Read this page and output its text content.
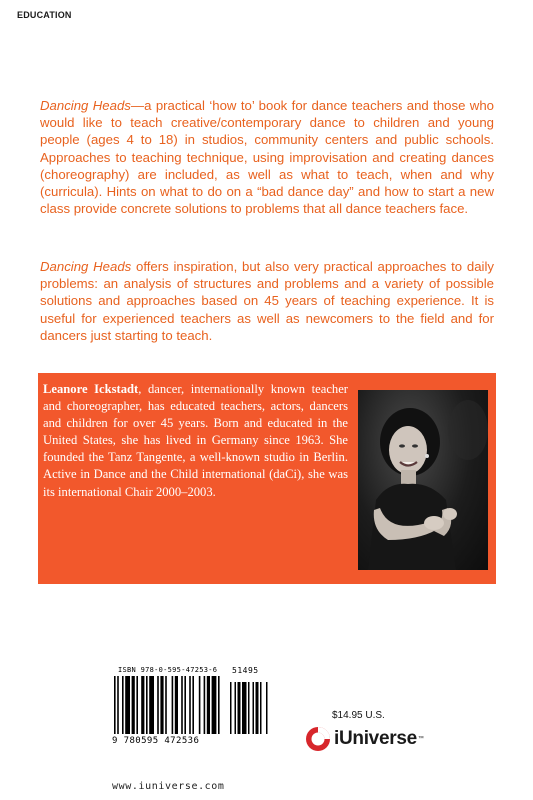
EDUCATION

Dancing Heads—a practical ‘how to’ book for dance teachers and those who would like to teach creative/contemporary dance to children and young people (ages 4 to 18) in studios, community centers and public schools. Approaches to teaching technique, using improvisation and creating dances (choreography) are included, as well as what to teach, when and why (curricula). Hints on what to do on a “bad dance day” and how to start a new class provide concrete solutions to problems that all dance teachers face.

Dancing Heads offers inspiration, but also very practical approaches to daily problems: an analysis of structures and problems and a variety of possible solutions and approaches based on 45 years of teaching experience. It is useful for experienced teachers as well as newcomers to the field and for dancers just starting to teach.

Leanore Ickstadt, dancer, internationally known teacher and choreographer, has educated teachers, actors, dancers and children for over 45 years. Born and educated in the United States, she has lived in Germany since 1963. She founded the Tanz Tangente, a well-known studio in Berlin. Active in Dance and the Child international (daCi), she was its international Chair 2000–2003.
ISBN 978-0-595-47253-6 51495
9 780595 472536
www.iuniverse.com
$14.95 U.S.
iUniverse ™
